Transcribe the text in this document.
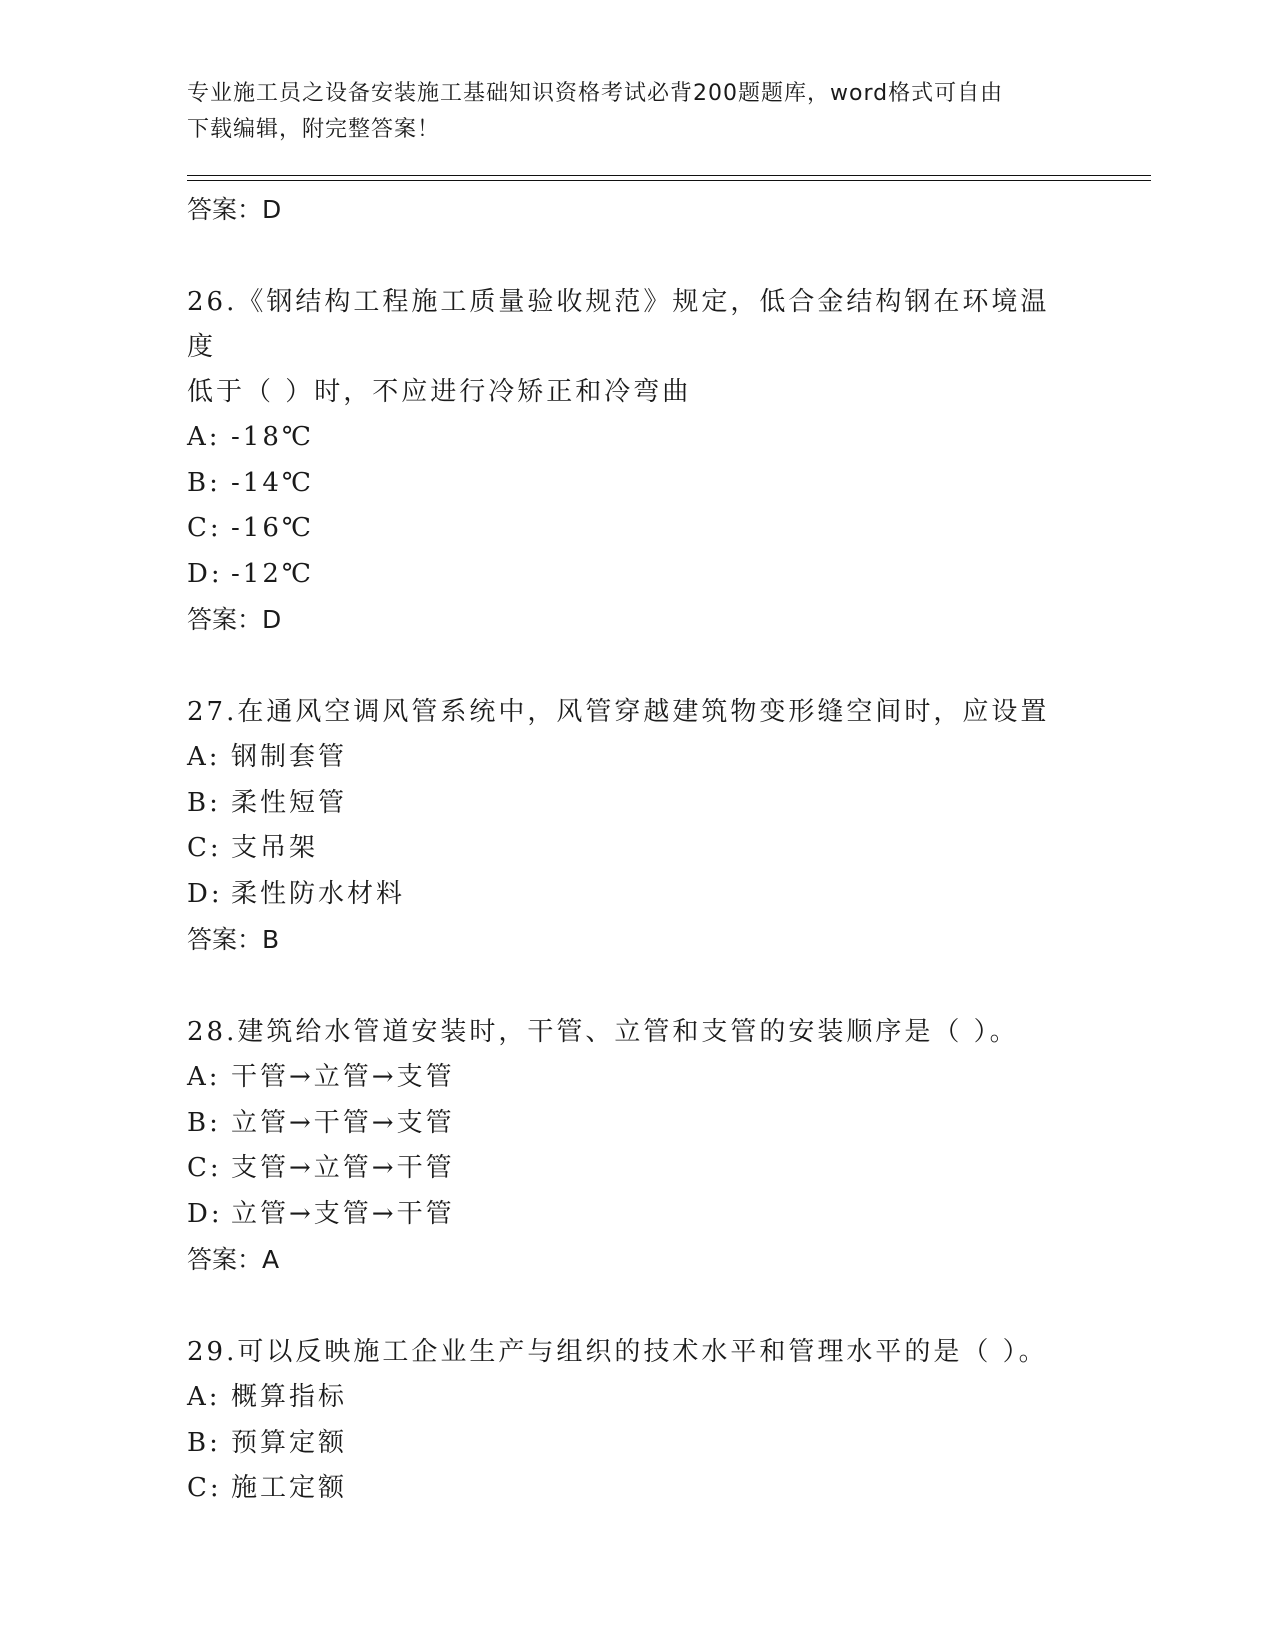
专业施工员之设备安装施工基础知识资格考试必背200题题库，word格式可自由
下载编辑，附完整答案！
答案：D
26.《钢结构工程施工质量验收规范》规定，低合金结构钢在环境温度
低于（ ）时，不应进行冷矫正和冷弯曲
A: -18℃
B: -14℃
C: -16℃
D: -12℃
答案：D
27.在通风空调风管系统中，风管穿越建筑物变形缝空间时，应设置
A: 钢制套管
B: 柔性短管
C: 支吊架
D: 柔性防水材料
答案：B
28.建筑给水管道安装时，干管、立管和支管的安装顺序是（ ）。
A: 干管→立管→支管
B: 立管→干管→支管
C: 支管→立管→干管
D: 立管→支管→干管
答案：A
29.可以反映施工企业生产与组织的技术水平和管理水平的是（ ）。
A: 概算指标
B: 预算定额
C: 施工定额
